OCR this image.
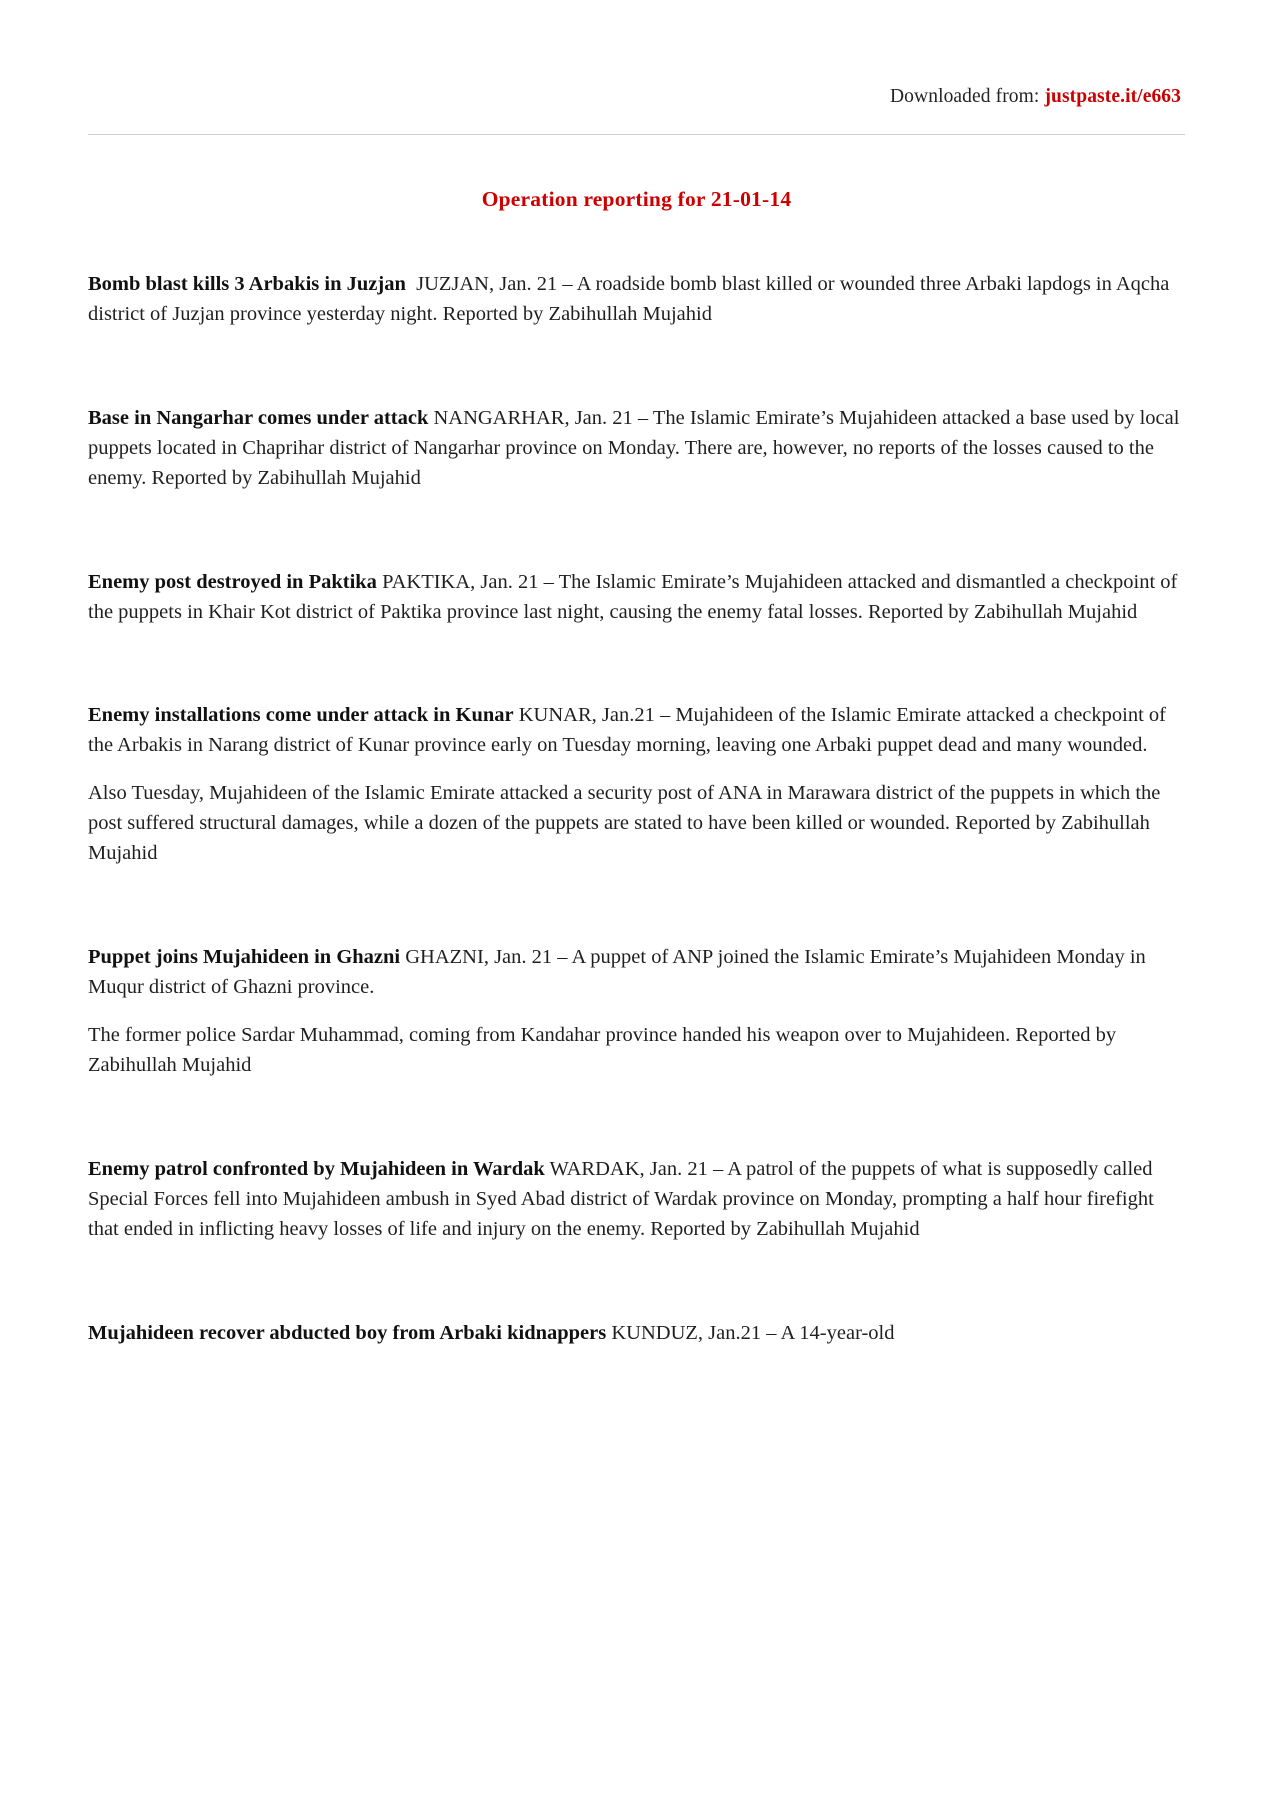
Downloaded from: justpaste.it/e663
Operation reporting for 21-01-14

Bomb blast kills 3 Arbakis in Juzjan JUZJAN, Jan. 21 – A roadside bomb blast killed or wounded three Arbaki lapdogs in Aqcha district of Juzjan province yesterday night. Reported by Zabihullah Mujahid

Base in Nangarhar comes under attack NANGARHAR, Jan. 21 – The Islamic Emirate’s Mujahideen attacked a base used by local puppets located in Chaprihar district of Nangarhar province on Monday. There are, however, no reports of the losses caused to the enemy. Reported by Zabihullah Mujahid

Enemy post destroyed in Paktika PAKTIKA, Jan. 21 – The Islamic Emirate’s Mujahideen attacked and dismantled a checkpoint of the puppets in Khair Kot district of Paktika province last night, causing the enemy fatal losses. Reported by Zabihullah Mujahid

Enemy installations come under attack in Kunar KUNAR, Jan.21 – Mujahideen of the Islamic Emirate attacked a checkpoint of the Arbakis in Narang district of Kunar province early on Tuesday morning, leaving one Arbaki puppet dead and many wounded.

Also Tuesday, Mujahideen of the Islamic Emirate attacked a security post of ANA in Marawara district of the puppets in which the post suffered structural damages, while a dozen of the puppets are stated to have been killed or wounded. Reported by Zabihullah Mujahid

Puppet joins Mujahideen in Ghazni GHAZNI, Jan. 21 – A puppet of ANP joined the Islamic Emirate’s Mujahideen Monday in Muqur district of Ghazni province.

The former police Sardar Muhammad, coming from Kandahar province handed his weapon over to Mujahideen. Reported by Zabihullah Mujahid

Enemy patrol confronted by Mujahideen in Wardak WARDAK, Jan. 21 – A patrol of the puppets of what is supposedly called Special Forces fell into Mujahideen ambush in Syed Abad district of Wardak province on Monday, prompting a half hour firefight that ended in inflicting heavy losses of life and injury on the enemy. Reported by Zabihullah Mujahid

Mujahideen recover abducted boy from Arbaki kidnappers KUNDUZ, Jan.21 – A 14-year-old
